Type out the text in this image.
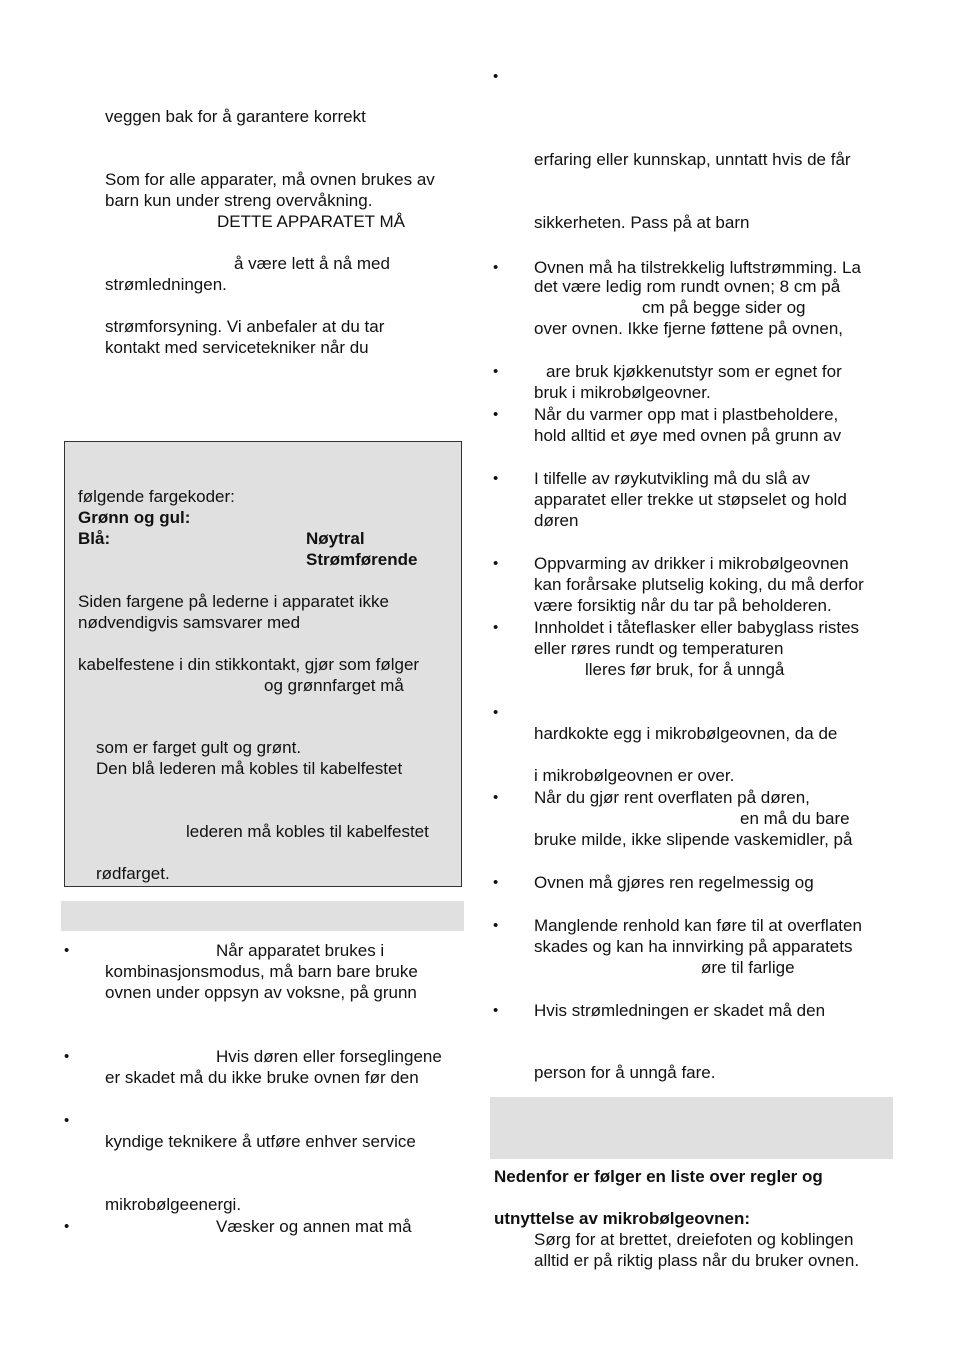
veggen bak for å garantere korrekt
Som for alle apparater, må ovnen brukes av
barn kun under streng overvåkning.
DETTE APPARATET MÅ
å være lett å nå med
strømledningen.
strømforsyning. Vi anbefaler at du tar
kontakt med servicetekniker når du
følgende fargekoder:
Grønn og gul:
Blå:	Nøytral
Strømførende
Siden fargene på lederne i apparatet ikke
nødvendigvis samsvarer med
kabelfestene i din stikkontakt, gjør som følger
og grønnfarget må
som er farget gult og grønt.
Den blå lederen må kobles til kabelfestet
lederen må kobles til kabelfestet
rødfarget.
•	Når apparatet brukes i
kombinasjonsmodus, må barn bare bruke
ovnen under oppsyn av voksne, på grunn
•	Hvis døren eller forseglingene
er skadet må du ikke bruke ovnen før den
•
kyndige teknikere å utføre enhver service
mikrobølgeenergi.
•	Væsker og annen mat må
•
erfaring eller kunnskap, unntatt hvis de får
sikkerheten. Pass på at barn
• Ovnen må ha tilstrekkelig luftstrømming. La
det være ledig rom rundt ovnen; 8 cm på
cm på begge sider og
over ovnen. Ikke fjerne føttene på ovnen,
•	are bruk kjøkkenutstyr som er egnet for
bruk i mikrobølgeovner.
• Når du varmer opp mat i plastbeholdere,
hold alltid et øye med ovnen på grunn av
• I tilfelle av røykutvikling må du slå av
apparatet eller trekke ut støpselet og hold
døren
• Oppvarming av drikker i mikrobølgeovnen
kan forårsake plutselig koking, du må derfor
være forsiktig når du tar på beholderen.
• Innholdet i tåteflasker eller babyglass ristes
eller røres rundt og temperaturen
lleres før bruk, for å unngå
•
hardkokte egg i mikrobølgeovnen, da de
i mikrobølgeovnen er over.
• Når du gjør rent overflaten på døren,
en må du bare
bruke milde, ikke slipende vaskemidler, på
• Ovnen må gjøres ren regelmessig og
• Manglende renhold kan føre til at overflaten
skades og kan ha innvirking på apparatets
øre til farlige
• Hvis strømledningen er skadet må den
person for å unngå fare.
Nedenfor er følger en liste over regler og
utnyttelse av mikrobølgeovnen:
Sørg for at brettet, dreiefoten og koblingen
alltid er på riktig plass når du bruker ovnen.
